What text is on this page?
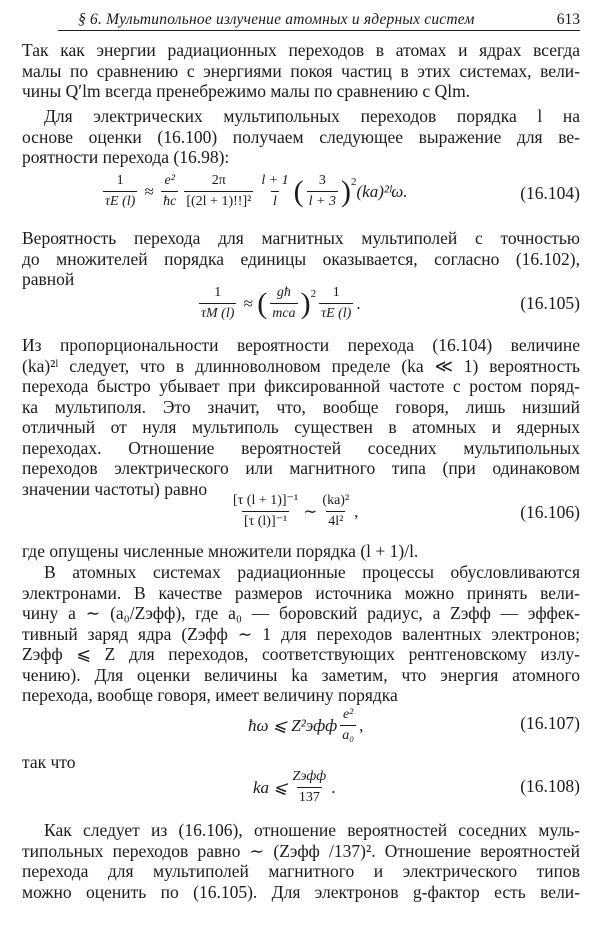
§ 6. Мультипольное излучение атомных и ядерных систем	613
Так как энергии радиационных переходов в атомах и ядрах всегда
малы по сравнению с энергиями покоя частиц в этих системах, вели-
чины Q′lm всегда пренебрежимо малы по сравнению с Qlm.
Для электрических мультипольных переходов порядка l на
основе оценки (16.100) получаем следующее выражение для ве-
роятности перехода (16.98):
$\frac{1}{\tau E (l)} \approx \frac{\text{e²}}{ħc} \frac{2\pi}{\text{[(2l + 1)!!]²}} \frac{l + 1}{l}$ ( $\frac{3}{l + 3} )^2$ (ka)²ˡω.	(16.104)
Вероятность перехода для магнитных мультиполей с точностью
до множителей порядка единицы оказывается, согласно (16.102),
равной
$\frac{1}{\tau M (l)}$ ≈ ( $\frac{għ}{\text{mca}} )^2 \frac{1}{\tau E (l)}$ .	(16.105)
Из пропорциональности вероятности перехода (16.104) величине
(ka)²ˡ следует, что в длинноволновом пределе (ka ≪ 1) вероятность
перехода быстро убывает при фиксированной частоте с ростом поряд-
ка мультиполя. Это значит, что, вообще говоря, лишь низший
отличный от нуля мультиполь существен в атомных и ядерных
переходах. Отношение вероятностей соседних мультипольных
переходов электрического или магнитного типа (при одинаковом
значении частоты) равно
$\frac{\text{[τ (l + 1)]⁻¹}}{\text{[τ (l)]⁻¹}}$ ∼ $\frac{\text{(ka)²}}{\text{4l²}}$ ,	(16.106)
где опущены численные множители порядка (l + 1)/l.
В атомных системах радиационные процессы обусловливаются
электронами. В качестве размеров источника можно принять вели-
чину a ∼ (a₀/Zэфф), где a₀ — боровский радиус, а Zэфф — эффек-
тивный заряд ядра (Zэфф ∼ 1 для переходов валентных электронов;
Zэфф ⩽ Z для переходов, соответствующих рентгеновскому излу-
чению). Для оценки величины ka заметим, что энергия атомного
перехода, вообще говоря, имеет величину порядка
ħω ⩽ $Z^2эфф \frac{\text{e²}}{\text{a₀}}$ ,	(16.107)
так что
ka ⩽ $\frac{\text{Zэфф}}{137}$ .	(16.108)
Как следует из (16.106), отношение вероятностей соседних муль-
типольных переходов равно ∼ (Zэфф /137)². Отношение вероятностей
перехода для мультиполей магнитного и электрического типов
можно оценить по (16.105). Для электронов g-фактор есть вели-
